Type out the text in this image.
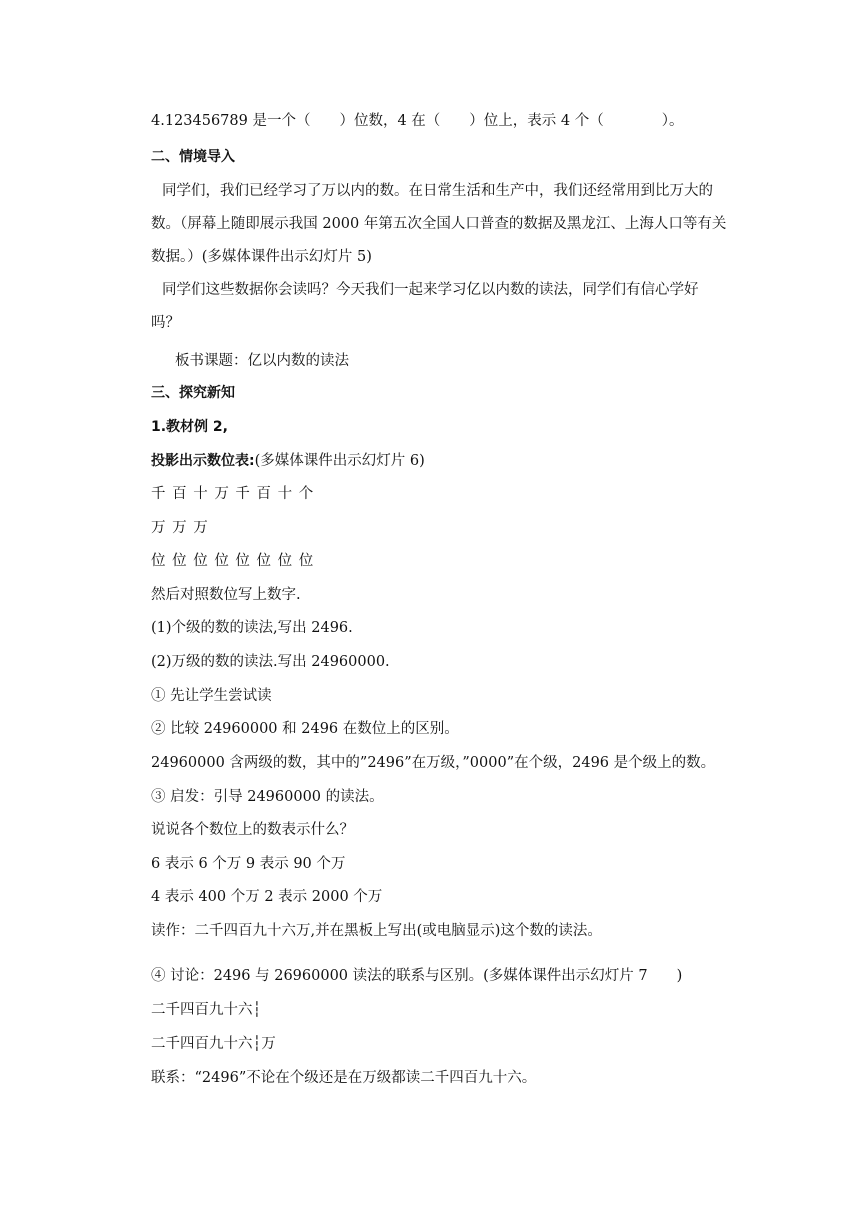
4.123456789 是一个（　　）位数，4 在（　　）位上，表示 4 个（　　　　）。
二、情境导入
同学们，我们已经学习了万以内的数。在日常生活和生产中，我们还经常用到比万大的
数。（屏幕上随即展示我国 2000 年第五次全国人口普查的数据及黑龙江、上海人口等有关
数据。）(多媒体课件出示幻灯片 5)
同学们这些数据你会读吗？今天我们一起来学习亿以内数的读法，同学们有信心学好
吗？
板书课题：亿以内数的读法
三、探究新知
1.教材例 2,
投影出示数位表:(多媒体课件出示幻灯片 6)
千 百 十 万 千 百 十 个
万 万 万
位 位 位 位 位 位 位 位
然后对照数位写上数字.
(1)个级的数的读法,写出 2496.
(2)万级的数的读法.写出 24960000.
① 先让学生尝试读
② 比较 24960000 和 2496 在数位上的区别。
24960000 含两级的数，其中的”2496”在万级，”0000”在个级，2496 是个级上的数。
③ 启发：引导 24960000 的读法。
说说各个数位上的数表示什么？
6 表示 6 个万 9 表示 90 个万
4 表示 400 个万 2 表示 2000 个万
读作：二千四百九十六万,并在黑板上写出(或电脑显示)这个数的读法。
④ 讨论：2496 与 26960000 读法的联系与区别。(多媒体课件出示幻灯片 7　　)
二千四百九十六┆
二千四百九十六┆万
联系：“2496”不论在个级还是在万级都读二千四百九十六。
